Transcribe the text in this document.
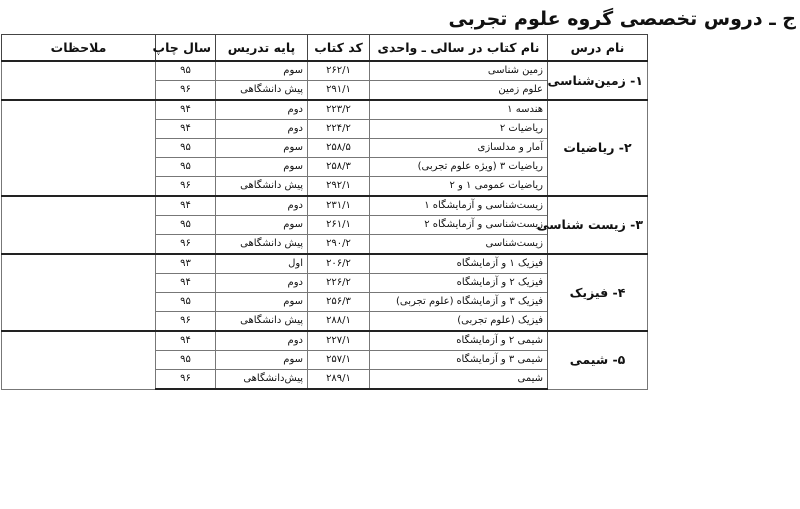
ج ـ دروس تخصصی گروه علوم تجربی
نام درس	نام کتاب در سالی ـ واحدی	کد کتاب	پایه تدریس	سال چاپ	ملاحظات
۱- زمین‌شناسی	زمین شناسی	۲۶۲/۱	سوم	۹۵	
	علوم زمین	۲۹۱/۱	پیش دانشگاهی	۹۶	
۲- ریاضیات	هندسه ۱	۲۲۳/۲	دوم	۹۴	
	ریاضیات ۲	۲۲۴/۲	دوم	۹۴	
	آمار و مدلسازی	۲۵۸/۵	سوم	۹۵	
	ریاضیات ۳ (ویژه علوم تجربی)	۲۵۸/۳	سوم	۹۵	
	ریاضیات عمومی ۱ و ۲	۲۹۲/۱	پیش دانشگاهی	۹۶	
۳- زیست شناسی	زیست‌شناسی و آزمایشگاه ۱	۲۳۱/۱	دوم	۹۴	
	زیست‌شناسی و آزمایشگاه ۲	۲۶۱/۱	سوم	۹۵	
	زیست‌شناسی	۲۹۰/۲	پیش دانشگاهی	۹۶	
۴- فیزیک	فیزیک ۱ و آزمایشگاه	۲۰۶/۲	اول	۹۳	
	فیزیک ۲ و آزمایشگاه	۲۲۶/۲	دوم	۹۴	
	فیزیک ۳ و آزمایشگاه (علوم تجربی)	۲۵۶/۳	سوم	۹۵	
	فیزیک (علوم تجربی)	۲۸۸/۱	پیش دانشگاهی	۹۶	
۵- شیمی	شیمی ۲ و آزمایشگاه	۲۲۷/۱	دوم	۹۴	
	شیمی ۳ و آزمایشگاه	۲۵۷/۱	سوم	۹۵	
	شیمی	۲۸۹/۱	پیش‌دانشگاهی	۹۶	
